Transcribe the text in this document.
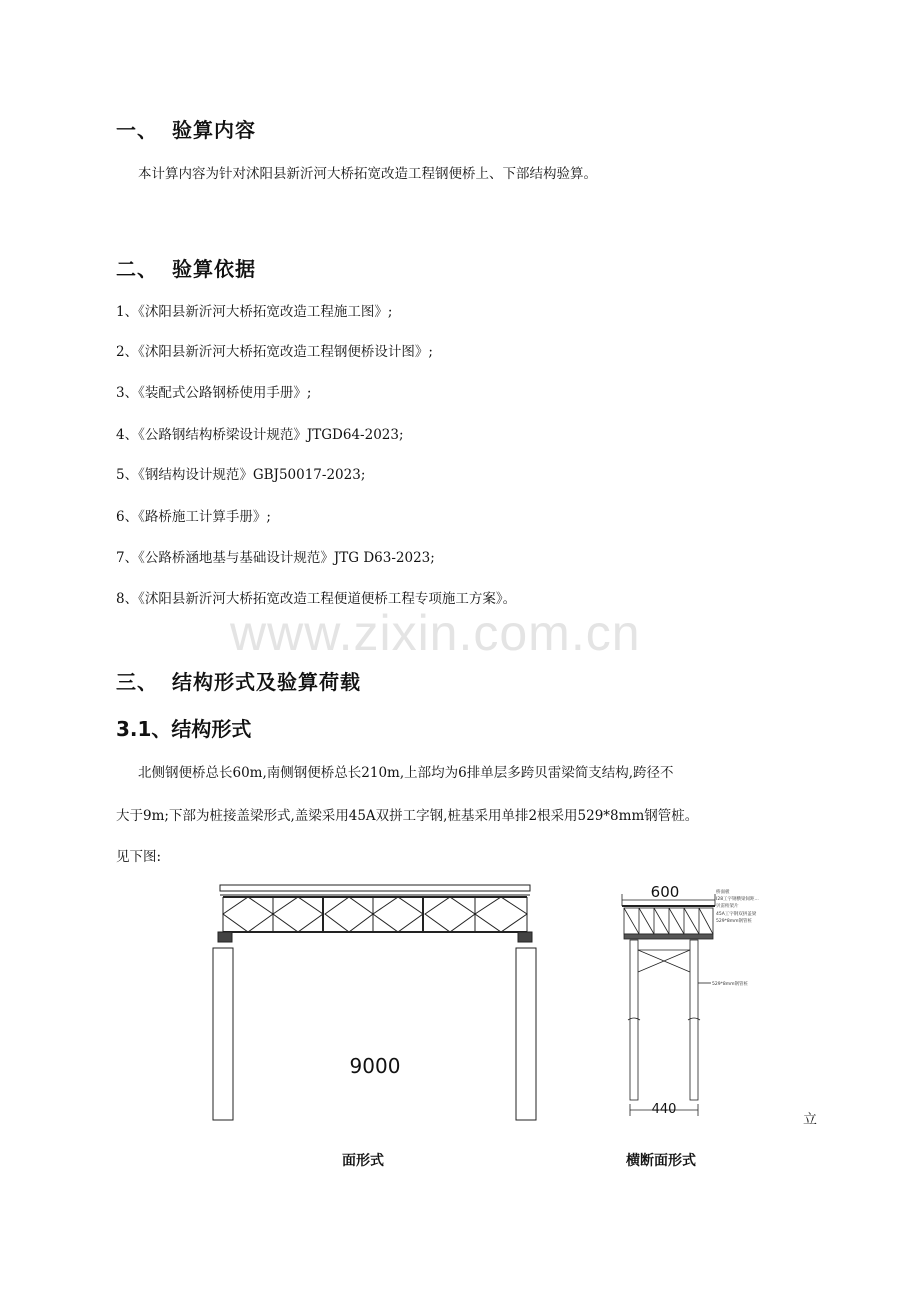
一、 验算内容
本计算内容为针对沭阳县新沂河大桥拓宽改造工程钢便桥上、下部结构验算。
二、 验算依据
1、《沭阳县新沂河大桥拓宽改造工程施工图》;
2、《沭阳县新沂河大桥拓宽改造工程钢便桥设计图》;
3、《装配式公路钢桥使用手册》;
4、《公路钢结构桥梁设计规范》JTGD64-2023;
5、《钢结构设计规范》GBJ50017-2023;
6、《路桥施工计算手册》;
7、《公路桥涵地基与基础设计规范》JTG D63-2023;
8、《沭阳县新沂河大桥拓宽改造工程便道便桥工程专项施工方案》。
www.zixin.com.cn
三、 结构形式及验算荷载
3.1、结构形式
北侧钢便桥总长60m,南侧钢便桥总长210m,上部均为6排单层多跨贝雷梁简支结构,跨径不
大于9m;下部为桩接盖梁形式,盖梁采用45A双拼工字钢,桩基采用单排2根采用529*8mm钢管桩。
见下图:
9000
600
440
桥面板
I28工字钢横梁间距...
贝雷桁架片
45A工字钢双拼盖梁
529*8mm钢管桩
529*8mm钢管桩
立
面形式	横断面形式
